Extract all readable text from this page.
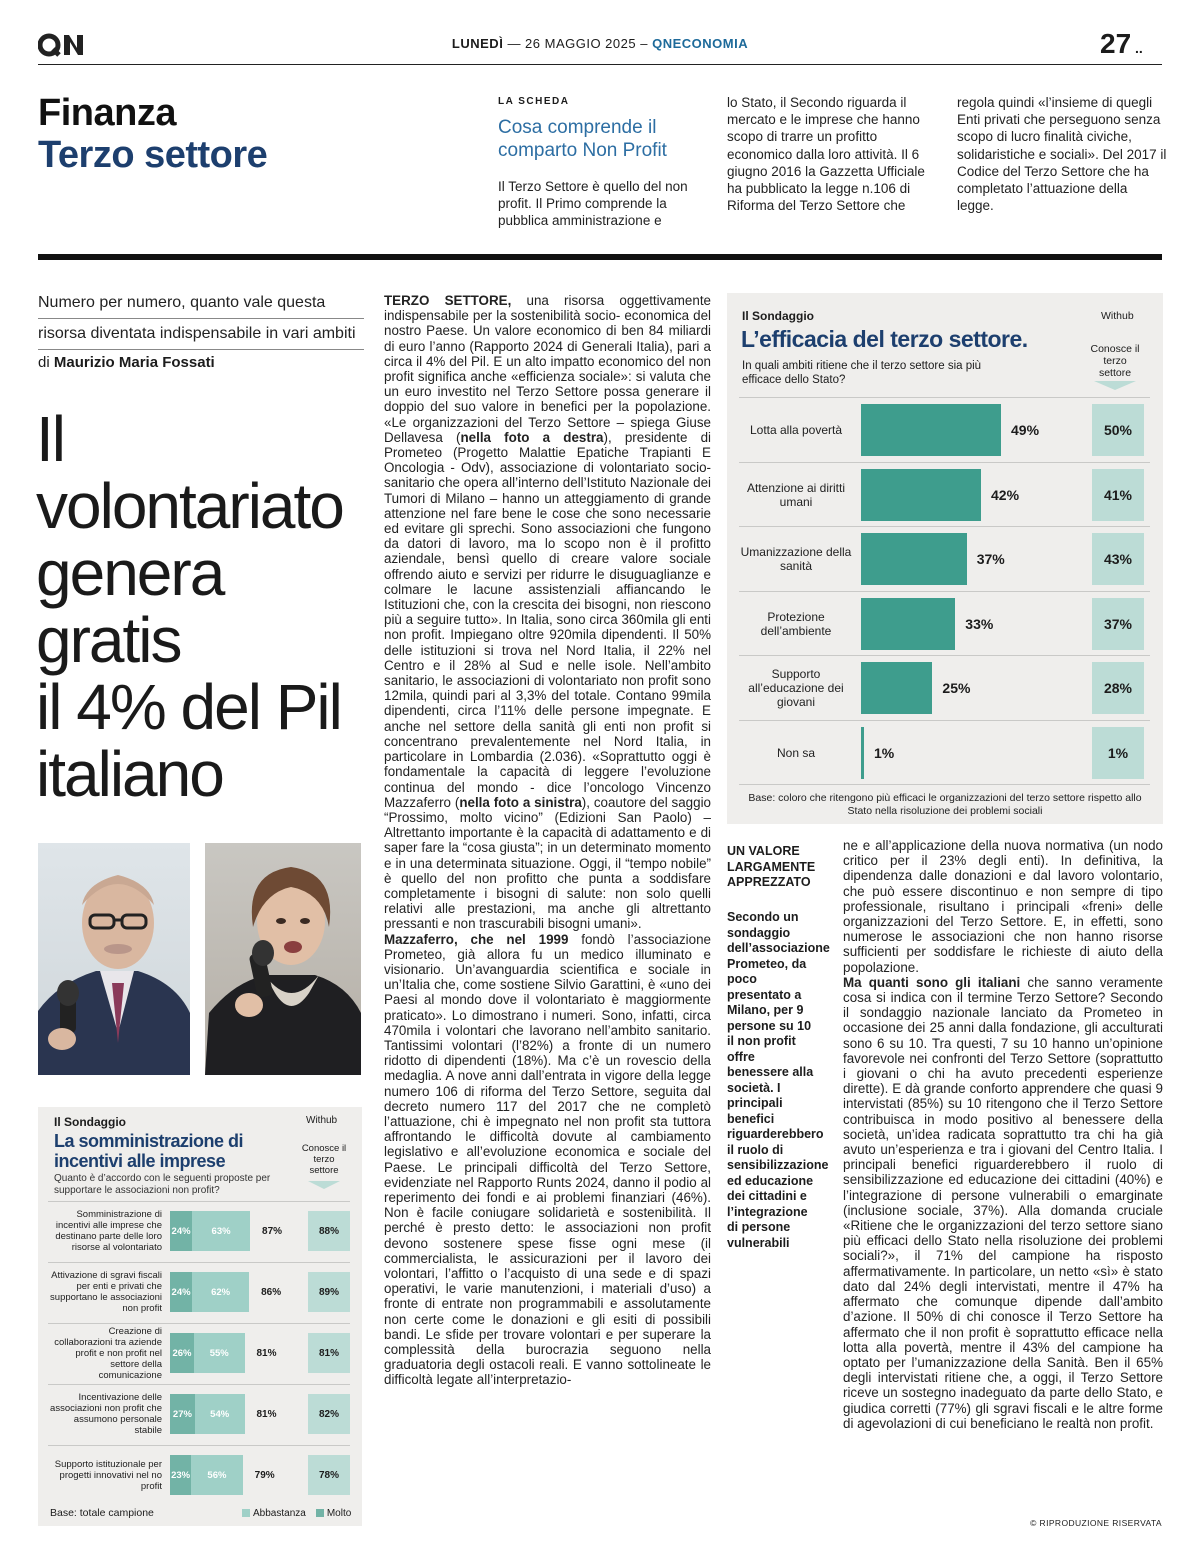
LUNEDÌ — 26 MAGGIO 2025 – QNECONOMIA	27 ..
Finanza
Terzo settore
LA SCHEDA
Cosa comprende il comparto Non Profit
Il Terzo Settore è quello del non profit. Il Primo comprende la pubblica amministrazione e
lo Stato, il Secondo riguarda il mercato e le imprese che hanno scopo di trarre un profitto economico dalla loro attività. Il 6 giugno 2016 la Gazzetta Ufficiale ha pubblicato la legge n.106 di Riforma del Terzo Settore che
regola quindi «l’insieme di quegli Enti privati che perseguono senza scopo di lucro finalità civiche, solidaristiche e sociali». Del 2017 il Codice del Terzo Settore che ha completato l’attuazione della legge.
Numero per numero, quanto vale questa
risorsa diventata indispensabile in vari ambiti
di Maurizio Maria Fossati
Il volontariato
genera
gratis
il 4% del Pil
italiano
Il Sondaggio	Withub
La somministrazione di incentivi alle imprese
Quanto è d’accordo con le seguenti proposte per supportare le associazioni non profit?
Conosce il terzo settore
Somministrazione di incentivi alle imprese che destinano parte delle loro risorse al volontariato
24%	63%	87%	88%
Attivazione di sgravi fiscali per enti e privati che supportano le associazioni non profit
24%	62%	86%	89%
Creazione di collaborazioni tra aziende profit e non profit nel settore della comunicazione
26%	55%	81%	81%
Incentivazione delle associazioni non profit che assumono personale stabile
27%	54%	81%	82%
Supporto istituzionale per progetti innovativi nel no profit
23%	56%	79%	78%
Base: totale campione	Abbastanza	Molto

TERZO SETTORE, una risorsa oggettivamente indispensabile per la sostenibilità socio- economica del nostro Paese. Un valore economico di ben 84 miliardi di euro l’anno (Rapporto 2024 di Generali Italia), pari a circa il 4% del Pil. E un alto impatto economico del non profit significa anche «efficienza sociale»: si valuta che un euro investito nel Terzo Settore possa generare il doppio del suo valore in benefici per la popolazione. «Le organizzazioni del Terzo Settore – spiega Giuse Dellavesa (nella foto a destra), presidente di Prometeo (Progetto Malattie Epatiche Trapianti E Oncologia - Odv), associazione di volontariato socio-sanitario che opera all’interno dell’Istituto Nazionale dei Tumori di Milano – hanno un atteggiamento di grande attenzione nel fare bene le cose che sono necessarie ed evitare gli sprechi. Sono associazioni che fungono da datori di lavoro, ma lo scopo non è il profitto aziendale, bensì quello di creare valore sociale offrendo aiuto e servizi per ridurre le disuguaglianze e colmare le lacune assistenziali affiancando le Istituzioni che, con la crescita dei bisogni, non riescono più a seguire tutto». In Italia, sono circa 360mila gli enti non profit. Impiegano oltre 920mila dipendenti. Il 50% delle istituzioni si trova nel Nord Italia, il 22% nel Centro e il 28% al Sud e nelle isole. Nell’ambito sanitario, le associazioni di volontariato non profit sono 12mila, quindi pari al 3,3% del totale. Contano 99mila dipendenti, circa l’11% delle persone impegnate. E anche nel settore della sanità gli enti non profit si concentrano prevalentemente nel Nord Italia, in particolare in Lombardia (2.036). «Soprattutto oggi è fondamentale la capacità di leggere l’evoluzione continua del mondo - dice l’oncologo Vincenzo Mazzaferro (nella foto a sinistra), coautore del saggio “Prossimo, molto vicino” (Edizioni San Paolo) – Altrettanto importante è la capacità di adattamento e di saper fare la “cosa giusta”; in un determinato momento e in una determinata situazione. Oggi, il “tempo nobile” è quello del non profitto che punta a soddisfare completamente i bisogni di salute: non solo quelli relativi alle prestazioni, ma anche gli altrettanto pressanti e non trascurabili bisogni umani».

Mazzaferro, che nel 1999 fondò l’associazione Prometeo, già allora fu un medico illuminato e visionario. Un’avanguardia scientifica e sociale in un’Italia che, come sostiene Silvio Garattini, è «uno dei Paesi al mondo dove il volontariato è maggiormente praticato». Lo dimostrano i numeri. Sono, infatti, circa 470mila i volontari che lavorano nell’ambito sanitario. Tantissimi volontari (l’82%) a fronte di un numero ridotto di dipendenti (18%). Ma c’è un rovescio della medaglia. A nove anni dall’entrata in vigore della legge numero 106 di riforma del Terzo Settore, seguita dal decreto numero 117 del 2017 che ne completò l’attuazione, chi è impegnato nel non profit sta tuttora affrontando le difficoltà dovute al cambiamento legislativo e all’evoluzione economica e sociale del Paese. Le principali difficoltà del Terzo Settore, evidenziate nel Rapporto Runts 2024, danno il podio al reperimento dei fondi e ai problemi finanziari (46%). Non è facile coniugare solidarietà e sostenibilità. Il perché è presto detto: le associazioni non profit devono sostenere spese fisse ogni mese (il commercialista, le assicurazioni per il lavoro dei volontari, l’affitto o l’acquisto di una sede e di spazi operativi, le varie manutenzioni, i materiali d’uso) a fronte di entrate non programmabili e assolutamente non certe come le donazioni e gli esiti di possibili bandi. Le sfide per trovare volontari e per superare la complessità della burocrazia seguono nella graduatoria degli ostacoli reali. E vanno sottolineate le difficoltà legate all’interpretazio-

Il Sondaggio	Withub
L’efficacia del terzo settore.
In quali ambiti ritiene che il terzo settore sia più efficace dello Stato?
Conosce il terzo settore
Lotta alla povertà	49%	50%
Attenzione ai diritti umani	42%	41%
Umanizzazione della sanità	37%	43%
Protezione dell’ambiente	33%	37%
Supporto all’educazione dei giovani
25%	28%
Non sa	1%	1%
Base: coloro che ritengono più efficaci le organizzazioni del terzo settore rispetto allo Stato nella risoluzione dei problemi sociali
UN VALORE LARGAMENTE APPREZZATO
Secondo un sondaggio dell’associazione Prometeo, da poco presentato a Milano, per 9 persone su 10 il non profit offre benessere alla società. I principali benefici riguarderebbero il ruolo di sensibilizzazione ed educazione dei cittadini e l’integrazione di persone vulnerabili

ne e all’applicazione della nuova normativa (un nodo critico per il 23% degli enti). In definitiva, la dipendenza dalle donazioni e dal lavoro volontario, che può essere discontinuo e non sempre di tipo professionale, risultano i principali «freni» delle organizzazioni del Terzo Settore. E, in effetti, sono numerose le associazioni che non hanno risorse sufficienti per soddisfare le richieste di aiuto della popolazione.

Ma quanti sono gli italiani che sanno veramente cosa si indica con il termine Terzo Settore? Secondo il sondaggio nazionale lanciato da Prometeo in occasione dei 25 anni dalla fondazione, gli acculturati sono 6 su 10. Tra questi, 7 su 10 hanno un’opinione favorevole nei confronti del Terzo Settore (soprattutto i giovani o chi ha avuto precedenti esperienze dirette). E dà grande conforto apprendere che quasi 9 intervistati (85%) su 10 ritengono che il Terzo Settore contribuisca in modo positivo al benessere della società, un’idea radicata soprattutto tra chi ha già avuto un’esperienza e tra i giovani del Centro Italia. I principali benefici riguarderebbero il ruolo di sensibilizzazione ed educazione dei cittadini (40%) e l’integrazione di persone vulnerabili o emarginate (inclusione sociale, 37%). Alla domanda cruciale «Ritiene che le organizzazioni del terzo settore siano più efficaci dello Stato nella risoluzione dei problemi sociali?», il 71% del campione ha risposto affermativamente. In particolare, un netto «sì» è stato dato dal 24% degli intervistati, mentre il 47% ha affermato che comunque dipende dall’ambito d’azione. Il 50% di chi conosce il Terzo Settore ha affermato che il non profit è soprattutto efficace nella lotta alla povertà, mentre il 43% del campione ha optato per l’umanizzazione della Sanità. Ben il 65% degli intervistati ritiene che, a oggi, il Terzo Settore riceve un sostegno inadeguato da parte dello Stato, e giudica corretti (77%) gli sgravi fiscali e le altre forme di agevolazioni di cui beneficiano le realtà non profit.

© RIPRODUZIONE RISERVATA
